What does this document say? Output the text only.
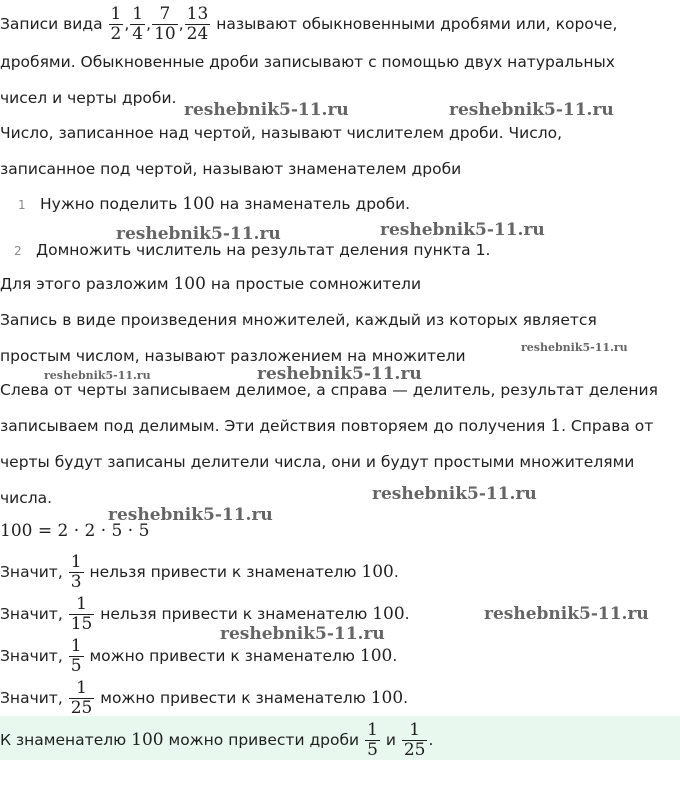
Записи вида $\frac{1}{2}$ , $\frac{1}{4}$ , $\frac{7}{10}$ , $\frac{13}{24}$ называют обыкновенными дробями или, короче,
дробями. Обыкновенные дроби записывают с помощью двух натуральных
чисел и черты дроби.
Число, записанное над чертой, называют числителем дроби. Число,
записанное под чертой, называют знаменателем дроби
1 Нужно поделить 100 на знаменатель дроби.
2 Домножить числитель на результат деления пункта 1.
Для этого разложим 100 на простые сомножители
Запись в виде произведения множителей, каждый из которых является
простым числом, называют разложением на множители
Слева от черты записываем делимое, а справа — делитель, результат деления
записываем под делимым. Эти действия повторяем до получения 1. Справа от
черты будут записаны делители числа, они и будут простыми множителями
числа.
100 = 2 · 2 · 5 · 5
Значит, $\frac{1}{3}$ нельзя привести к знаменателю 100.
Значит, $\frac{1}{15}$ нельзя привести к знаменателю 100.
Значит, $\frac{1}{5}$ можно привести к знаменателю 100.
Значит, $\frac{1}{25}$ можно привести к знаменателю 100.
К знаменателю 100 можно привести дроби $\frac{1}{5}$ и $\frac{1}{25}$ .
reshebnik5-11.ru	reshebnik5-11.ru
reshebnik5-11.ru	reshebnik5-11.ru
reshebnik5-11.ru
reshebnik5-11.ru	reshebnik5-11.ru
reshebnik5-11.ru
reshebnik5-11.ru
reshebnik5-11.ru
reshebnik5-11.ru
